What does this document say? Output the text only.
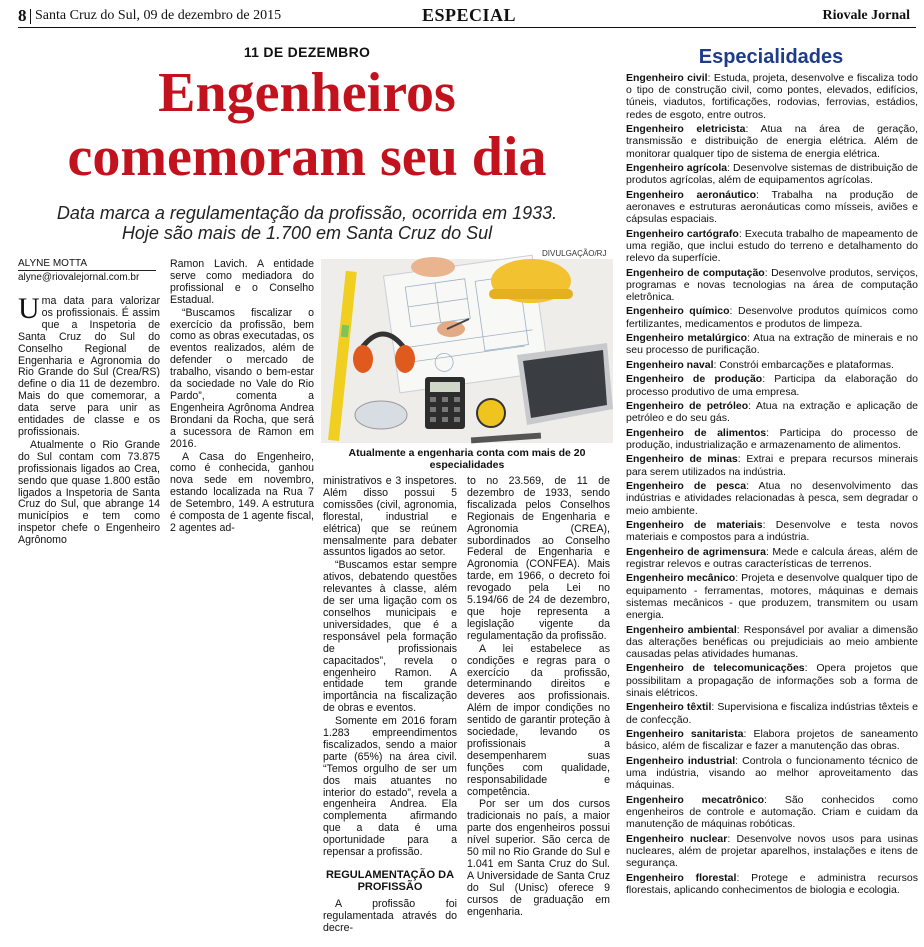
8 Santa Cruz do Sul, 09 de dezembro de 2015	ESPECIAL	Riovale Jornal
11 DE DEZEMBRO
Engenheiros
comemoram seu dia
Data marca a regulamentação da profissão, ocorrida em 1933.
Hoje são mais de 1.700 em Santa Cruz do Sul
ALYNE MOTTA
alyne@riovalejornal.com.br
DIVULGAÇÃO/RJ

Uma data para valorizar os profissionais. É assim que a Inspetoria de Santa Cruz do Sul do Conselho Regional de Engenharia e Agronomia do Rio Grande do Sul (Crea/RS) define o dia 11 de dezembro. Mais do que comemorar, a data serve para unir as entidades de classe e os profissionais.

Atualmente o Rio Grande do Sul contam com 73.875 profissionais ligados ao Crea, sendo que quase 1.800 estão ligados a Inspetoria de Santa Cruz do Sul, que abrange 14 municípios e tem como inspetor chefe o Engenheiro Agrônomo

Ramon Lavich. A entidade serve como mediadora do profissional e o Conselho Estadual.

“Buscamos fiscalizar o exercício da profissão, bem como as obras executadas, os eventos realizados, além de defender o mercado de trabalho, visando o bem-estar da sociedade no Vale do Rio Pardo”, comenta a Engenheira Agrônoma Andrea Brondani da Rocha, que será a sucessora de Ramon em 2016.

A Casa do Engenheiro, como é conhecida, ganhou nova sede em novembro, estando localizada na Rua 7 de Setembro, 149. A estrutura é composta de 1 agente fiscal, 2 agentes ad-

Atualmente a engenharia conta com mais de 20 especialidades

ministrativos e 3 inspetores. Além disso possui 5 comissões (civil, agronomia, florestal, industrial e elétrica) que se reúnem mensalmente para debater assuntos ligados ao setor.

“Buscamos estar sempre ativos, debatendo questões relevantes à classe, além de ser uma ligação com os conselhos municipais e universidades, que é a responsável pela formação de profissionais capacitados”, revela o engenheiro Ramon. A entidade tem grande importância na fiscalização de obras e eventos.

Somente em 2016 foram 1.283 empreendimentos fiscalizados, sendo a maior parte (65%) na área civil. “Temos orgulho de ser um dos mais atuantes no interior do estado”, revela a engenheira Andrea. Ela complementa afirmando que a data é uma oportunidade para a repensar a profissão.

REGULAMENTAÇÃO DA PROFISSÃO

A profissão foi regulamentada através do decre-

to no 23.569, de 11 de dezembro de 1933, sendo fiscalizada pelos Conselhos Regionais de Engenharia e Agronomia (CREA), subordinados ao Conselho Federal de Engenharia e Agronomia (CONFEA). Mais tarde, em 1966, o decreto foi revogado pela Lei no 5.194/66 de 24 de dezembro, que hoje representa a legislação vigente da regulamentação da profissão.

A lei estabelece as condições e regras para o exercício da profissão, determinando direitos e deveres aos profissionais. Além de impor condições no sentido de garantir proteção à sociedade, levando os profissionais a desempenharem suas funções com qualidade, responsabilidade e competência.

Por ser um dos cursos tradicionais no país, a maior parte dos engenheiros possui nível superior. São cerca de 50 mil no Rio Grande do Sul e 1.041 em Santa Cruz do Sul. A Universidade de Santa Cruz do Sul (Unisc) oferece 9 cursos de graduação em engenharia.

Especialidades
Engenheiro civil: Estuda, projeta, desenvolve e fiscaliza todo o tipo de construção civil, como pontes, elevados, edifícios, túneis, viadutos, fortificações, rodovias, ferrovias, estádios, redes de esgoto, entre outros.
Engenheiro eletricista: Atua na área de geração, transmissão e distribuição de energia elétrica. Além de monitorar qualquer tipo de sistema de energia elétrica.
Engenheiro agrícola: Desenvolve sistemas de distribuição de produtos agrícolas, além de equipamentos agrícolas.
Engenheiro aeronáutico: Trabalha na produção de aeronaves e estruturas aeronáuticas como mísseis, aviões e cápsulas espaciais.
Engenheiro cartógrafo: Executa trabalho de mapeamento de uma região, que inclui estudo do terreno e detalhamento do relevo da superfície.
Engenheiro de computação: Desenvolve produtos, serviços, programas e novas tecnologias na área de computação eletrônica.
Engenheiro químico: Desenvolve produtos químicos como fertilizantes, medicamentos e produtos de limpeza.
Engenheiro metalúrgico: Atua na extração de minerais e no seu processo de purificação.
Engenheiro naval: Constrói embarcações e plataformas.
Engenheiro de produção: Participa da elaboração do processo produtivo de uma empresa.
Engenheiro de petróleo: Atua na extração e aplicação de petróleo e do seu gás.
Engenheiro de alimentos: Participa do processo de produção, industrialização e armazenamento de alimentos.
Engenheiro de minas: Extrai e prepara recursos minerais para serem utilizados na indústria.
Engenheiro de pesca: Atua no desenvolvimento das indústrias e atividades relacionadas à pesca, sem degradar o meio ambiente.
Engenheiro de materiais: Desenvolve e testa novos materiais e compostos para a indústria.
Engenheiro de agrimensura: Mede e calcula áreas, além de registrar relevos e outras características de terrenos.
Engenheiro mecânico: Projeta e desenvolve qualquer tipo de equipamento - ferramentas, motores, máquinas e demais sistemas mecânicos - que produzem, transmitem ou usam energia.
Engenheiro ambiental: Responsável por avaliar a dimensão das alterações benéficas ou prejudiciais ao meio ambiente causadas pelas atividades humanas.
Engenheiro de telecomunicações: Opera projetos que possibilitam a propagação de informações sob a forma de sinais elétricos.
Engenheiro têxtil: Supervisiona e fiscaliza indústrias têxteis e de confecção.
Engenheiro sanitarista: Elabora projetos de saneamento básico, além de fiscalizar e fazer a manutenção das obras.
Engenheiro industrial: Controla o funcionamento técnico de uma indústria, visando ao melhor aproveitamento das máquinas.
Engenheiro mecatrônico: São conhecidos como engenheiros de controle e automação. Criam e cuidam da manutenção de máquinas robóticas.
Engenheiro nuclear: Desenvolve novos usos para usinas nucleares, além de projetar aparelhos, instalações e itens de segurança.
Engenheiro florestal: Protege e administra recursos florestais, aplicando conhecimentos de biologia e ecologia.
